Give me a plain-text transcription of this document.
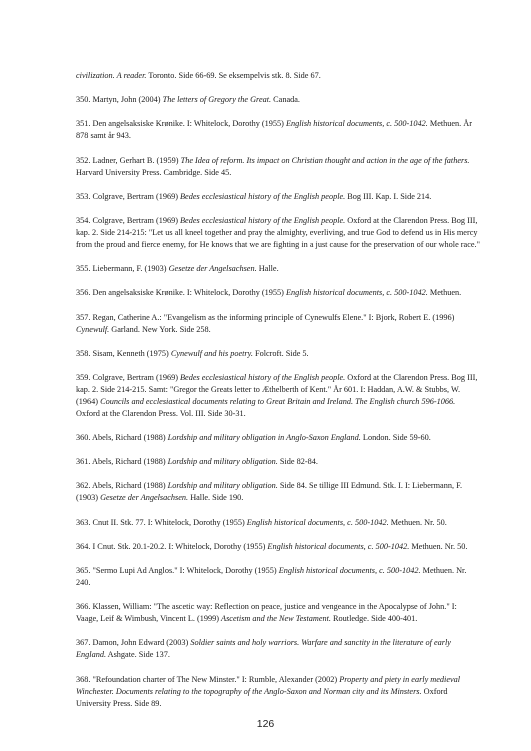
civilization. A reader. Toronto. Side 66-69. Se eksempelvis stk. 8. Side 67.

350. Martyn, John (2004) The letters of Gregory the Great. Canada.

351. Den angelsaksiske Krønike. I: Whitelock, Dorothy (1955) English historical documents, c. 500-1042. Methuen. År 878 samt år 943.

352. Ladner, Gerhart B. (1959) The Idea of reform. Its impact on Christian thought and action in the age of the fathers. Harvard University Press. Cambridge. Side 45.

353. Colgrave, Bertram (1969) Bedes ecclesiastical history of the English people. Bog III. Kap. I. Side 214.

354. Colgrave, Bertram (1969) Bedes ecclesiastical history of the English people. Oxford at the Clarendon Press. Bog III, kap. 2. Side 214-215: "Let us all kneel together and pray the almighty, everliving, and true God to defend us in His mercy from the proud and fierce enemy, for He knows that we are fighting in a just cause for the preservation of our whole race."

355. Liebermann, F. (1903) Gesetze der Angelsachsen. Halle.

356. Den angelsaksiske Krønike. I: Whitelock, Dorothy (1955) English historical documents, c. 500-1042. Methuen.

357. Regan, Catherine A.: "Evangelism as the informing principle of Cynewulfs Elene." I: Bjork, Robert E. (1996) Cynewulf. Garland. New York. Side 258.

358. Sisam, Kenneth (1975) Cynewulf and his poetry. Folcroft. Side 5.

359. Colgrave, Bertram (1969) Bedes ecclesiastical history of the English people. Oxford at the Clarendon Press. Bog III, kap. 2. Side 214-215. Samt: "Gregor the Greats letter to Æthelberth of Kent." År 601. I: Haddan, A.W. & Stubbs, W. (1964) Councils and ecclesiastical documents relating to Great Britain and Ireland. The English church 596-1066. Oxford at the Clarendon Press. Vol. III. Side 30-31.

360. Abels, Richard (1988) Lordship and military obligation in Anglo-Saxon England. London. Side 59-60.

361. Abels, Richard (1988) Lordship and military obligation. Side 82-84.

362. Abels, Richard (1988) Lordship and military obligation. Side 84. Se tillige III Edmund. Stk. I. I: Liebermann, F. (1903) Gesetze der Angelsachsen. Halle. Side 190.

363. Cnut II. Stk. 77. I: Whitelock, Dorothy (1955) English historical documents, c. 500-1042. Methuen. Nr. 50.

364. I Cnut. Stk. 20.1-20.2. I: Whitelock, Dorothy (1955) English historical documents, c. 500-1042. Methuen. Nr. 50.

365. "Sermo Lupi Ad Anglos." I: Whitelock, Dorothy (1955) English historical documents, c. 500-1042. Methuen. Nr. 240.

366. Klassen, William: "The ascetic way: Reflection on peace, justice and vengeance in the Apocalypse of John." I: Vaage, Leif & Wimbush, Vincent L. (1999) Ascetism and the New Testament. Routledge. Side 400-401.

367. Damon, John Edward (2003) Soldier saints and holy warriors. Warfare and sanctity in the literature of early England. Ashgate. Side 137.

368. "Refoundation charter of The New Minster." I: Rumble, Alexander (2002) Property and piety in early medieval Winchester. Documents relating to the topography of the Anglo-Saxon and Norman city and its Minsters. Oxford University Press. Side 89.

126
